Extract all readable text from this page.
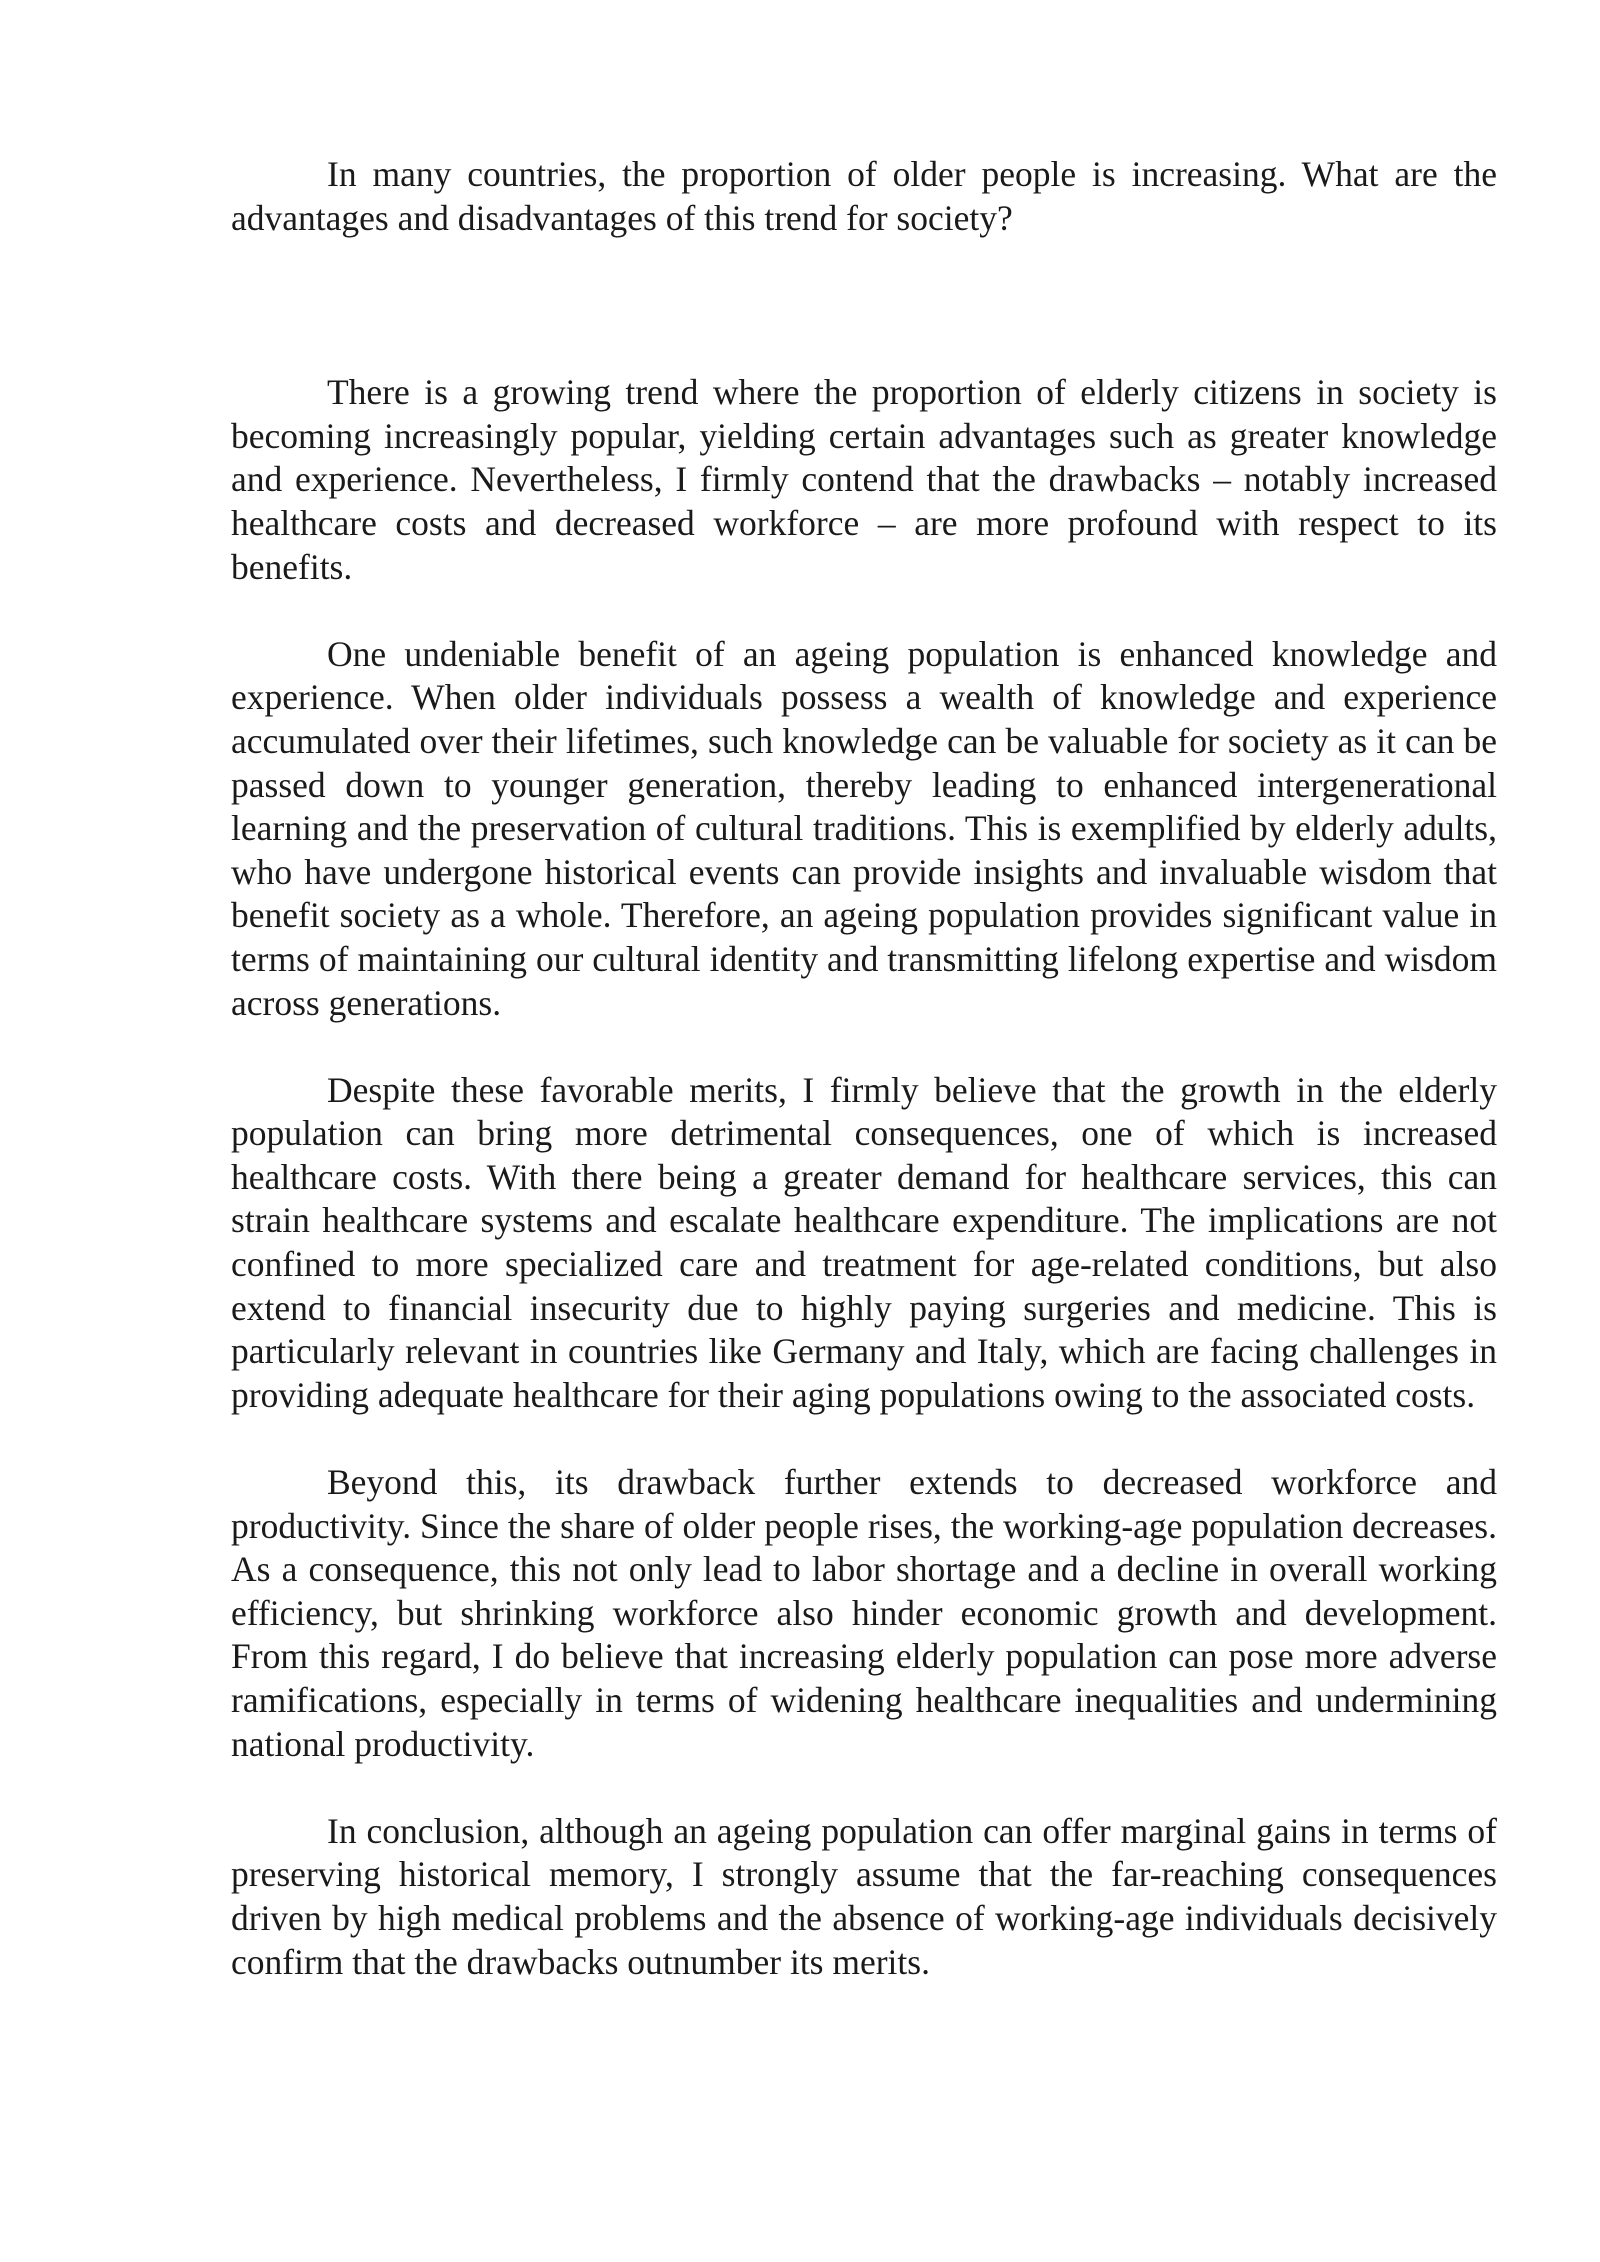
In many countries, the proportion of older people is increasing. What are the advantages and disadvantages of this trend for society?

There is a growing trend where the proportion of elderly citizens in society is becoming increasingly popular, yielding certain advantages such as greater knowledge and experience. Nevertheless, I firmly contend that the drawbacks – notably increased healthcare costs and decreased workforce – are more profound with respect to its benefits.

One undeniable benefit of an ageing population is enhanced knowledge and experience. When older individuals possess a wealth of knowledge and experience accumulated over their lifetimes, such knowledge can be valuable for society as it can be passed down to younger generation, thereby leading to enhanced intergenerational learning and the preservation of cultural traditions. This is exemplified by elderly adults, who have undergone historical events can provide insights and invaluable wisdom that benefit society as a whole. Therefore, an ageing population provides significant value in terms of maintaining our cultural identity and transmitting lifelong expertise and wisdom across generations.

Despite these favorable merits, I firmly believe that the growth in the elderly population can bring more detrimental consequences, one of which is increased healthcare costs. With there being a greater demand for healthcare services, this can strain healthcare systems and escalate healthcare expenditure. The implications are not confined to more specialized care and treatment for age-related conditions, but also extend to financial insecurity due to highly paying surgeries and medicine. This is particularly relevant in countries like Germany and Italy, which are facing challenges in providing adequate healthcare for their aging populations owing to the associated costs.

Beyond this, its drawback further extends to decreased workforce and productivity. Since the share of older people rises, the working-age population decreases. As a consequence, this not only lead to labor shortage and a decline in overall working efficiency, but shrinking workforce also hinder economic growth and development. From this regard, I do believe that increasing elderly population can pose more adverse ramifications, especially in terms of widening healthcare inequalities and undermining national productivity.

In conclusion, although an ageing population can offer marginal gains in terms of preserving historical memory, I strongly assume that the far-reaching consequences driven by high medical problems and the absence of working-age individuals decisively confirm that the drawbacks outnumber its merits.
